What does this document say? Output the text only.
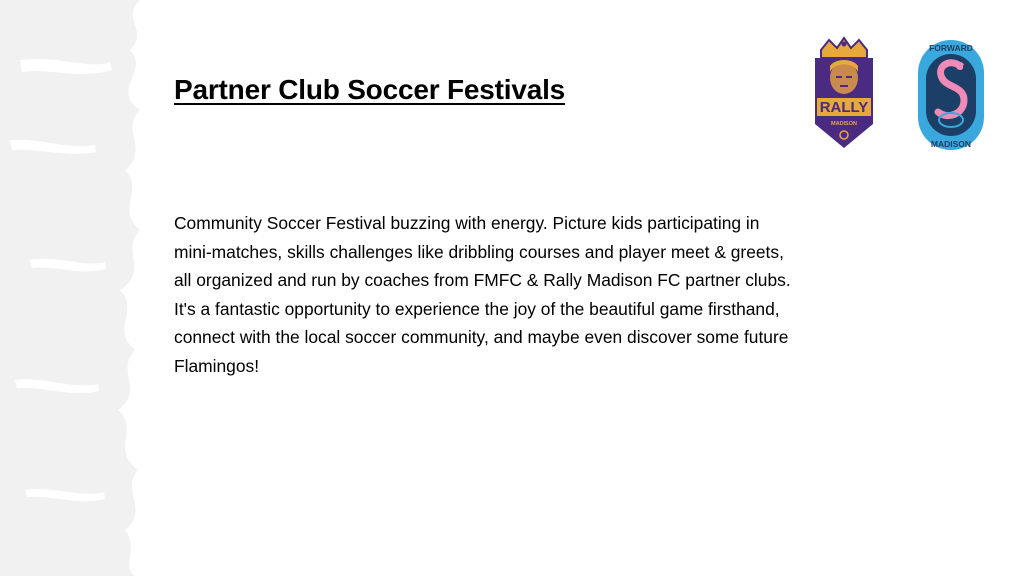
Partner Club Soccer Festivals

Community Soccer Festival buzzing with energy. Picture kids participating in
mini-matches, skills challenges like dribbling courses and player meet & greets,
all organized and run by coaches from FMFC & Rally Madison FC partner clubs.
It's a fantastic opportunity to experience the joy of the beautiful game firsthand,
connect with the local soccer community, and maybe even discover some future
Flamingos!

RALLY
MADISON
FORWARD
MADISON
